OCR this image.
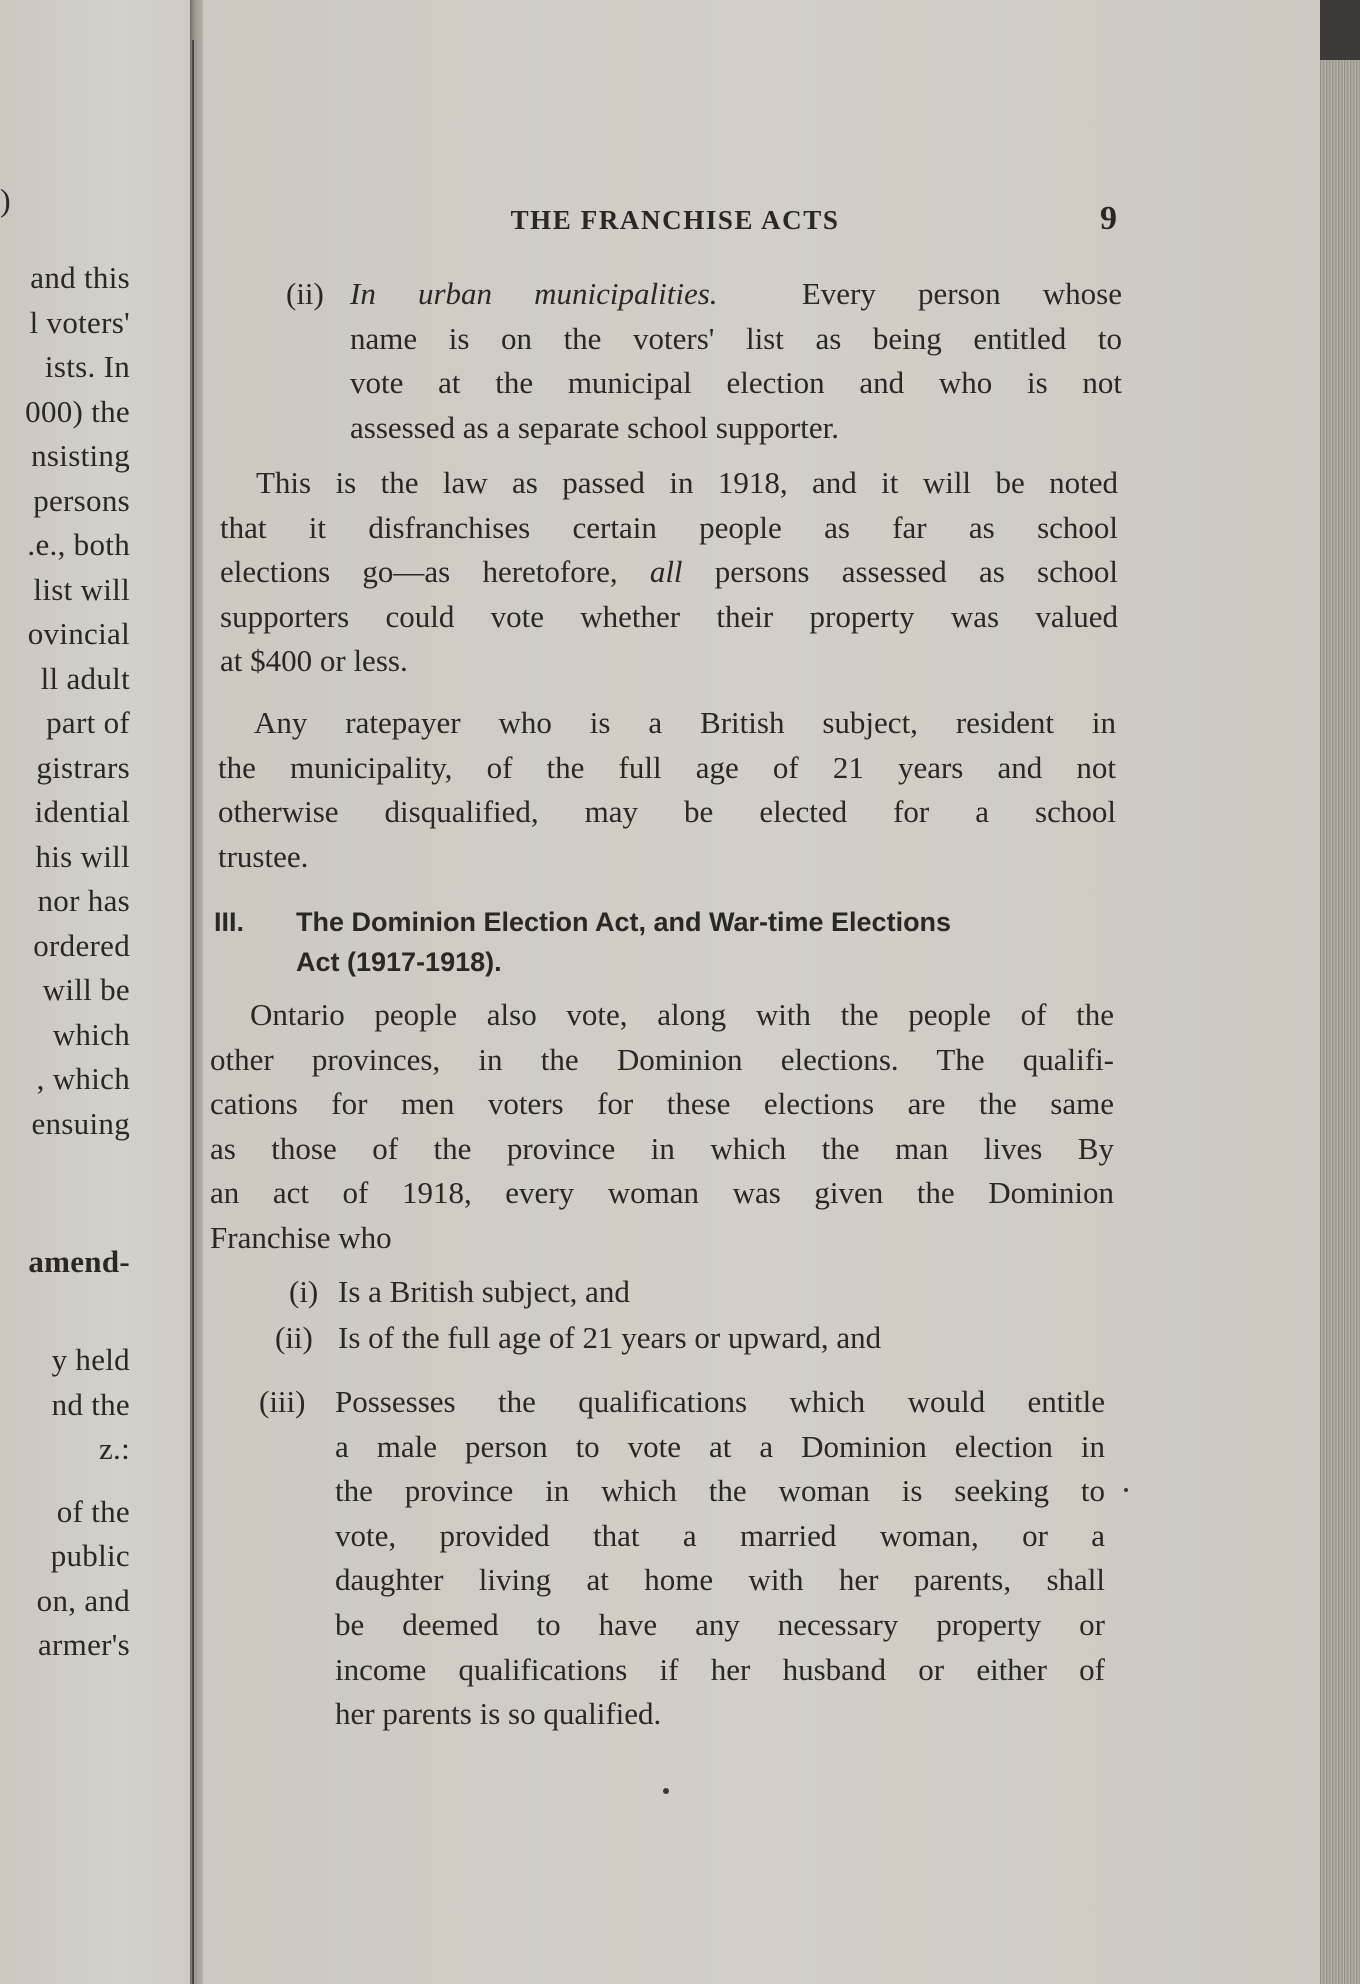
)
and this
l voters'
ists. In
000) the
nsisting
persons
.e., both
list will
ovincial
ll adult
part of
gistrars
idential
his will
nor has
ordered
will be
which
, which
ensuing
amend-
y held
nd the
z.:
of the
public
on, and
armer's
THE FRANCHISE ACTS	9
(ii) In urban municipalities.	Every person whose
name is on the voters' list as being entitled to
vote at the municipal election and who is not
assessed as a separate school supporter.
This is the law as passed in 1918, and it will be noted
that it disfranchises certain people as far as school
elections go—as heretofore, all persons assessed as school
supporters could vote whether their property was valued
at $400 or less.
Any ratepayer who is a British subject, resident in
the municipality, of the full age of 21 years and not
otherwise disqualified, may be elected for a school
trustee.
III. The Dominion Election Act, and War-time Elections
Act (1917-1918).
Ontario people also vote, along with the people of the
other provinces, in the Dominion elections. The qualifi-
cations for men voters for these elections are the same
as those of the province in which the man lives By
an act of 1918, every woman was given the Dominion
Franchise who
(i) Is a British subject, and
(ii) Is of the full age of 21 years or upward, and
(iii) Possesses the qualifications which would entitle
a male person to vote at a Dominion election in
the province in which the woman is seeking to
vote, provided that a married woman, or a
daughter living at home with her parents, shall
be deemed to have any necessary property or
income qualifications if her husband or either of
her parents is so qualified.
